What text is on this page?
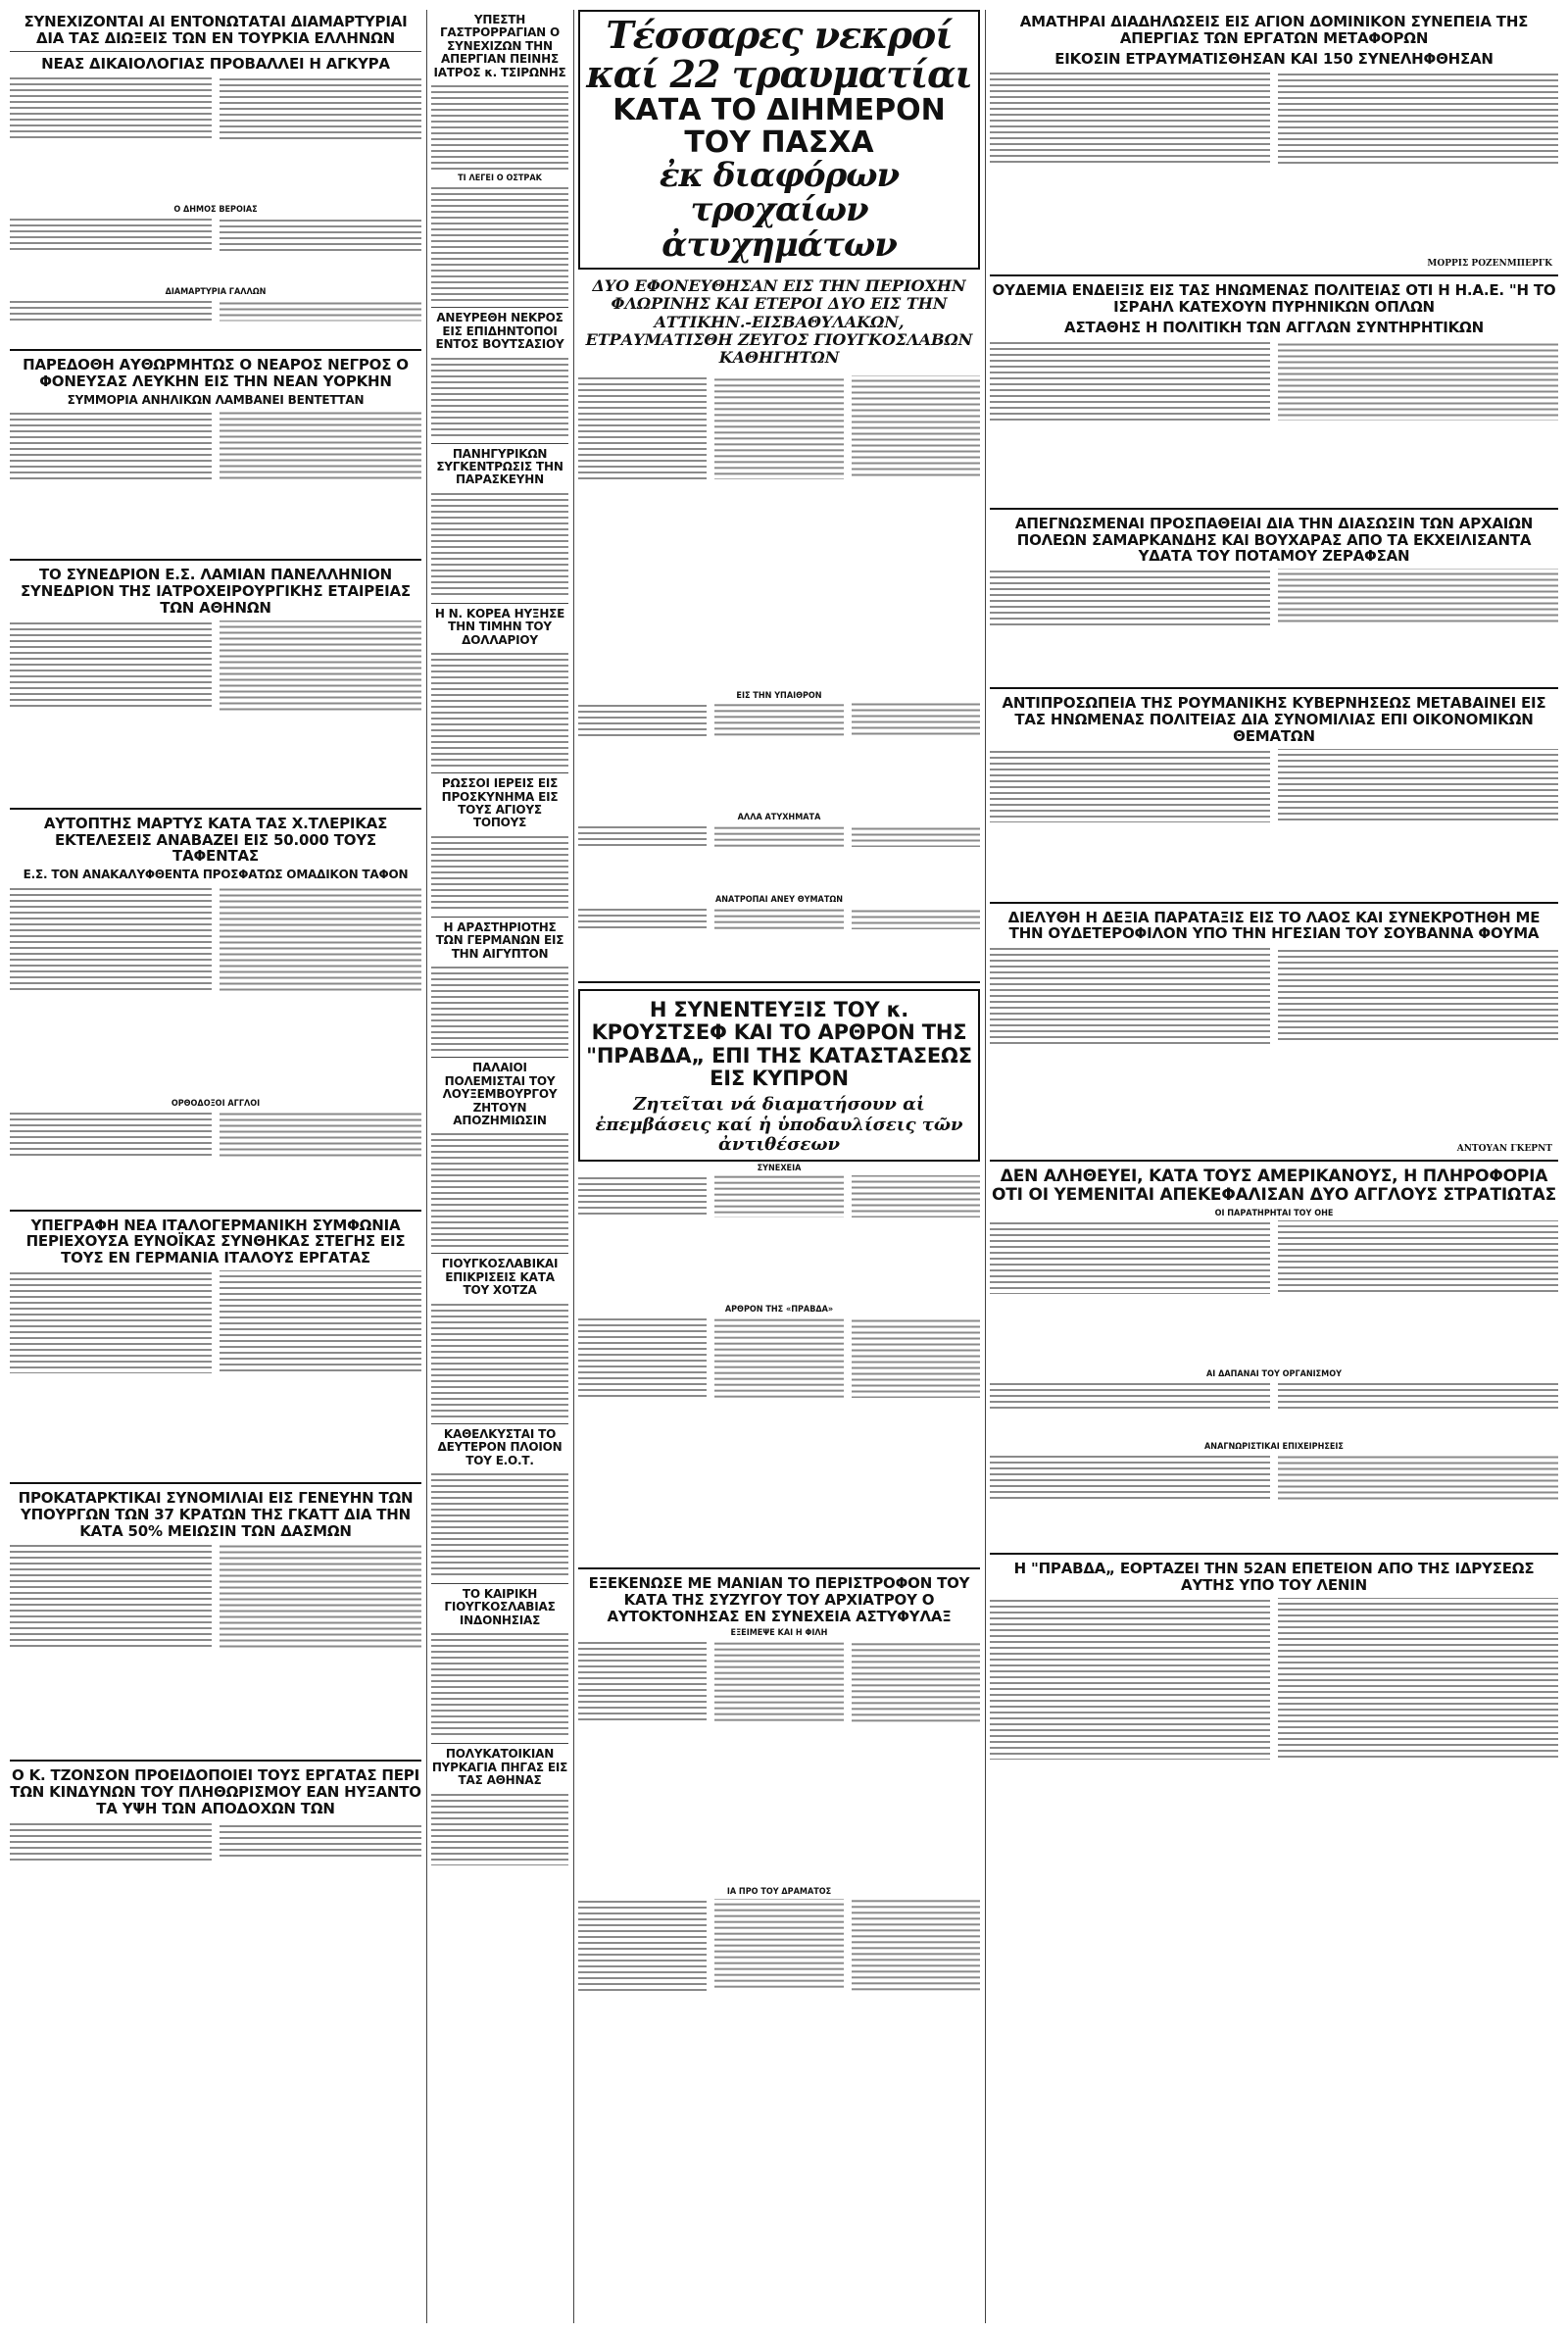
ΣΥΝΕΧΙΖΟΝΤΑΙ ΑΙ ΕΝΤΟΝΩΤΑΤΑΙ ΔΙΑΜΑΡΤΥΡΙΑΙ ΔΙΑ ΤΑΣ ΔΙΩΞΕΙΣ ΤΩΝ ΕΝ ΤΟΥΡΚΙΑ ΕΛΛΗΝΩΝ
ΝΕΑΣ ΔΙΚΑΙΟΛΟΓΙΑΣ ΠΡΟΒΑΛΛΕΙ Η ΑΓΚΥΡΑ
Ο ΔΗΜΟΣ ΒΕΡΟΙΑΣ
ΔΙΑΜΑΡΤΥΡΙΑ ΓΑΛΛΩΝ
ΠΑΡΕΔΟΘΗ ΑΥΘΩΡΜΗΤΩΣ Ο ΝΕΑΡΟΣ ΝΕΓΡΟΣ Ο ΦΟΝΕΥΣΑΣ ΛΕΥΚΗΝ ΕΙΣ ΤΗΝ ΝΕΑΝ ΥΟΡΚΗΝ
ΣΥΜΜΟΡΙΑ ΑΝΗΛΙΚΩΝ ΛΑΜΒΑΝΕΙ ΒΕΝΤΕΤΤΑΝ
ΤΟ ΣΥΝΕΔΡΙΟΝ Ε.Σ. ΛΑΜΙΑΝ ΠΑΝΕΛΛΗΝΙΟΝ ΣΥΝΕΔΡΙΟΝ ΤΗΣ ΙΑΤΡΟΧΕΙΡΟΥΡΓΙΚΗΣ ΕΤΑΙΡΕΙΑΣ ΤΩΝ ΑΘΗΝΩΝ
ΑΥΤΟΠΤΗΣ ΜΑΡΤΥΣ ΚΑΤΑ ΤΑΣ Χ.ΤΛΕΡΙΚΑΣ ΕΚΤΕΛΕΣΕΙΣ ΑΝΑΒΑΖΕΙ ΕΙΣ 50.000 ΤΟΥΣ ΤΑΦΕΝΤΑΣ
Ε.Σ. ΤΟΝ ΑΝΑΚΑΛΥΦΘΕΝΤΑ ΠΡΟΣΦΑΤΩΣ ΟΜΑΔΙΚΟΝ ΤΑΦΟΝ
ΟΡΘΟΔΟΞΟΙ ΑΓΓΛΟΙ
ΥΠΕΓΡΑΦΗ ΝΕΑ ΙΤΑΛΟΓΕΡΜΑΝΙΚΗ ΣΥΜΦΩΝΙΑ ΠΕΡΙΕΧΟΥΣΑ ΕΥΝΟΪΚΑΣ ΣΥΝΘΗΚΑΣ ΣΤΕΓΗΣ ΕΙΣ ΤΟΥΣ ΕΝ ΓΕΡΜΑΝΙΑ ΙΤΑΛΟΥΣ ΕΡΓΑΤΑΣ
ΠΡΟΚΑΤΑΡΚΤΙΚΑΙ ΣΥΝΟΜΙΛΙΑΙ ΕΙΣ ΓΕΝΕΥΗΝ ΤΩΝ ΥΠΟΥΡΓΩΝ ΤΩΝ 37 ΚΡΑΤΩΝ ΤΗΣ ΓΚΑΤΤ ΔΙΑ ΤΗΝ ΚΑΤΑ 50% ΜΕΙΩΣΙΝ ΤΩΝ ΔΑΣΜΩΝ
Ο Κ. ΤΖΟΝΣΟΝ ΠΡΟΕΙΔΟΠΟΙΕΙ ΤΟΥΣ ΕΡΓΑΤΑΣ ΠΕΡΙ ΤΩΝ ΚΙΝΔΥΝΩΝ ΤΟΥ ΠΛΗΘΩΡΙΣΜΟΥ ΕΑΝ ΗΥΞΑΝΤΟ ΤΑ ΥΨΗ ΤΩΝ ΑΠΟΔΟΧΩΝ ΤΩΝ
ΥΠΕΣΤΗ ΓΑΣΤΡΟΡΡΑΓΙΑΝ Ο ΣΥΝΕΧΙΖΩΝ ΤΗΝ ΑΠΕΡΓΙΑΝ ΠΕΙΝΗΣ ΙΑΤΡΟΣ κ. ΤΣΙΡΩΝΗΣ
ΤΙ ΛΕΓΕΙ Ο ΟΣΤΡΑΚ
ΑΝΕΥΡΕΘΗ ΝΕΚΡΟΣ ΕΙΣ ΕΠΙΔΗΝΤΟΠΟΙ ΕΝΤΟΣ ΒΟΥΤΣΑΣΙΟΥ
ΠΑΝΗΓΥΡΙΚΩΝ ΣΥΓΚΕΝΤΡΩΣΙΣ ΤΗΝ ΠΑΡΑΣΚΕΥΗΝ
Η Ν. ΚΟΡΕΑ ΗΥΞΗΣΕ ΤΗΝ ΤΙΜΗΝ ΤΟΥ ΔΟΛΛΑΡΙΟΥ
ΡΩΣΣΟΙ ΙΕΡΕΙΣ ΕΙΣ ΠΡΟΣΚΥΝΗΜΑ ΕΙΣ ΤΟΥΣ ΑΓΙΟΥΣ ΤΟΠΟΥΣ
Η ΑΡΑΣΤΗΡΙΟΤΗΣ ΤΩΝ ΓΕΡΜΑΝΩΝ ΕΙΣ ΤΗΝ ΑΙΓΥΠΤΟΝ
ΠΑΛΑΙΟΙ ΠΟΛΕΜΙΣΤΑΙ ΤΟΥ ΛΟΥΞΕΜΒΟΥΡΓΟΥ ΖΗΤΟΥΝ ΑΠΟΖΗΜΙΩΣΙΝ
ΓΙΟΥΓΚΟΣΛΑΒΙΚΑΙ ΕΠΙΚΡΙΣΕΙΣ ΚΑΤΑ ΤΟΥ ΧΟΤΖΑ
ΚΑΘΕΛΚΥΣΤΑΙ ΤΟ ΔΕΥΤΕΡΟΝ ΠΛΟΙΟΝ ΤΟΥ Ε.Ο.Τ.
ΤΟ ΚΑΙΡΙΚΗ ΓΙΟΥΓΚΟΣΛΑΒΙΑΣ ΙΝΔΟΝΗΣΙΑΣ
ΠΟΛΥΚΑΤΟΙΚΙΑΝ ΠΥΡΚΑΓΙΑ ΠΗΓΑΣ ΕΙΣ ΤΑΣ ΑΘΗΝΑΣ
Τέσσαρες νεκροί καί 22 τραυματίαι
ΚΑΤΑ ΤΟ ΔΙΗΜΕΡΟΝ ΤΟΥ ΠΑΣΧΑ
ἐκ διαφόρων τροχαίων ἀτυχημάτων
ΔΥΟ ΕΦΟΝΕΥΘΗΣΑΝ ΕΙΣ ΤΗΝ ΠΕΡΙΟΧΗΝ ΦΛΩΡΙΝΗΣ ΚΑΙ ΕΤΕΡΟΙ ΔΥΟ ΕΙΣ ΤΗΝ ΑΤΤΙΚΗΝ.-ΕΙΣΒΑΘΥΛΑΚΩΝ, ΕΤΡΑΥΜΑΤΙΣΘΗ ΖΕΥΓΟΣ ΓΙΟΥΓΚΟΣΛΑΒΩΝ ΚΑΘΗΓΗΤΩΝ
ΕΙΣ ΤΗΝ ΥΠΑΙΘΡΟΝ
ΑΛΛΑ ΑΤΥΧΗΜΑΤΑ
ΑΝΑΤΡΟΠΑΙ ΑΝΕΥ ΘΥΜΑΤΩΝ
Η ΣΥΝΕΝΤΕΥΞΙΣ ΤΟΥ κ. ΚΡΟΥΣΤΣΕΦ ΚΑΙ ΤΟ ΑΡΘΡΟΝ ΤΗΣ "ΠΡΑΒΔΑ„ ΕΠΙ ΤΗΣ ΚΑΤΑΣΤΑΣΕΩΣ ΕΙΣ ΚΥΠΡΟΝ
Ζητεῖται νά διαματήσουν αἱ ἐπεμβάσεις καί ἡ ὑποδαυλίσεις τῶν ἀντιθέσεων
ΣΥΝΕΧΕΙΑ
ΑΡΘΡΟΝ ΤΗΣ «ΠΡΑΒΔΑ»
ΕΞΕΚΕΝΩΣΕ ΜΕ ΜΑΝΙΑΝ ΤΟ ΠΕΡΙΣΤΡΟΦΟΝ ΤΟΥ ΚΑΤΑ ΤΗΣ ΣΥΖΥΓΟΥ ΤΟΥ ΑΡΧΙΑΤΡΟΥ Ο ΑΥΤΟΚΤΟΝΗΣΑΣ ΕΝ ΣΥΝΕΧΕΙΑ ΑΣΤΥΦΥΛΑΞ
ΕΞΕΙΜΕΨΕ ΚΑΙ Η ΦΙΛΗ
ΙΑ ΠΡΟ ΤΟΥ ΔΡΑΜΑΤΟΣ
ΑΜΑΤΗΡΑΙ ΔΙΑΔΗΛΩΣΕΙΣ ΕΙΣ ΑΓΙΟΝ ΔΟΜΙΝΙΚΟΝ ΣΥΝΕΠΕΙΑ ΤΗΣ ΑΠΕΡΓΙΑΣ ΤΩΝ ΕΡΓΑΤΩΝ ΜΕΤΑΦΟΡΩΝ
ΕΙΚΟΣΙΝ ΕΤΡΑΥΜΑΤΙΣΘΗΣΑΝ ΚΑΙ 150 ΣΥΝΕΛΗΦΘΗΣΑΝ
ΜΟΡΡΙΣ ΡΟΖΕΝΜΠΕΡΓΚ
ΟΥΔΕΜΙΑ ΕΝΔΕΙΞΙΣ ΕΙΣ ΤΑΣ ΗΝΩΜΕΝΑΣ ΠΟΛΙΤΕΙΑΣ ΟΤΙ Η Η.Α.Ε. "Η ΤΟ ΙΣΡΑΗΛ ΚΑΤΕΧΟΥΝ ΠΥΡΗΝΙΚΩΝ ΟΠΛΩΝ
ΑΣΤΑΘΗΣ Η ΠΟΛΙΤΙΚΗ ΤΩΝ ΑΓΓΛΩΝ ΣΥΝΤΗΡΗΤΙΚΩΝ
ΑΠΕΓΝΩΣΜΕΝΑΙ ΠΡΟΣΠΑΘΕΙΑΙ ΔΙΑ ΤΗΝ ΔΙΑΣΩΣΙΝ ΤΩΝ ΑΡΧΑΙΩΝ ΠΟΛΕΩΝ ΣΑΜΑΡΚΑΝΔΗΣ ΚΑΙ ΒΟΥΧΑΡΑΣ ΑΠΟ ΤΑ ΕΚΧΕΙΛΙΣΑΝΤΑ ΥΔΑΤΑ ΤΟΥ ΠΟΤΑΜΟΥ ΖΕΡΑΦΣΑΝ
ΑΝΤΙΠΡΟΣΩΠΕΙΑ ΤΗΣ ΡΟΥΜΑΝΙΚΗΣ ΚΥΒΕΡΝΗΣΕΩΣ ΜΕΤΑΒΑΙΝΕΙ ΕΙΣ ΤΑΣ ΗΝΩΜΕΝΑΣ ΠΟΛΙΤΕΙΑΣ ΔΙΑ ΣΥΝΟΜΙΛΙΑΣ ΕΠΙ ΟΙΚΟΝΟΜΙΚΩΝ ΘΕΜΑΤΩΝ
ΔΙΕΛΥΘΗ Η ΔΕΞΙΑ ΠΑΡΑΤΑΞΙΣ ΕΙΣ ΤΟ ΛΑΟΣ ΚΑΙ ΣΥΝΕΚΡΟΤΗΘΗ ΜΕ ΤΗΝ ΟΥΔΕΤΕΡΟΦΙΛΟΝ ΥΠΟ ΤΗΝ ΗΓΕΣΙΑΝ ΤΟΥ ΣΟΥΒΑΝΝΑ ΦΟΥΜΑ
ΑΝΤΟΥΑΝ ΓΚΕΡΝΤ
ΔΕΝ ΑΛΗΘΕΥΕΙ, ΚΑΤΑ ΤΟΥΣ ΑΜΕΡΙΚΑΝΟΥΣ, Η ΠΛΗΡΟΦΟΡΙΑ ΟΤΙ ΟΙ ΥΕΜΕΝΙΤΑΙ ΑΠΕΚΕΦΑΛΙΣΑΝ ΔΥΟ ΑΓΓΛΟΥΣ ΣΤΡΑΤΙΩΤΑΣ
ΟΙ ΠΑΡΑΤΗΡΗΤΑΙ ΤΟΥ ΟΗΕ
ΑΙ ΔΑΠΑΝΑΙ ΤΟΥ ΟΡΓΑΝΙΣΜΟΥ
ΑΝΑΓΝΩΡΙΣΤΙΚΑΙ ΕΠΙΧΕΙΡΗΣΕΙΣ
Η "ΠΡΑΒΔΑ„ ΕΟΡΤΑΖΕΙ ΤΗΝ 52ΑΝ ΕΠΕΤΕΙΟΝ ΑΠΟ ΤΗΣ ΙΔΡΥΣΕΩΣ ΑΥΤΗΣ ΥΠΟ ΤΟΥ ΛΕΝΙΝ
